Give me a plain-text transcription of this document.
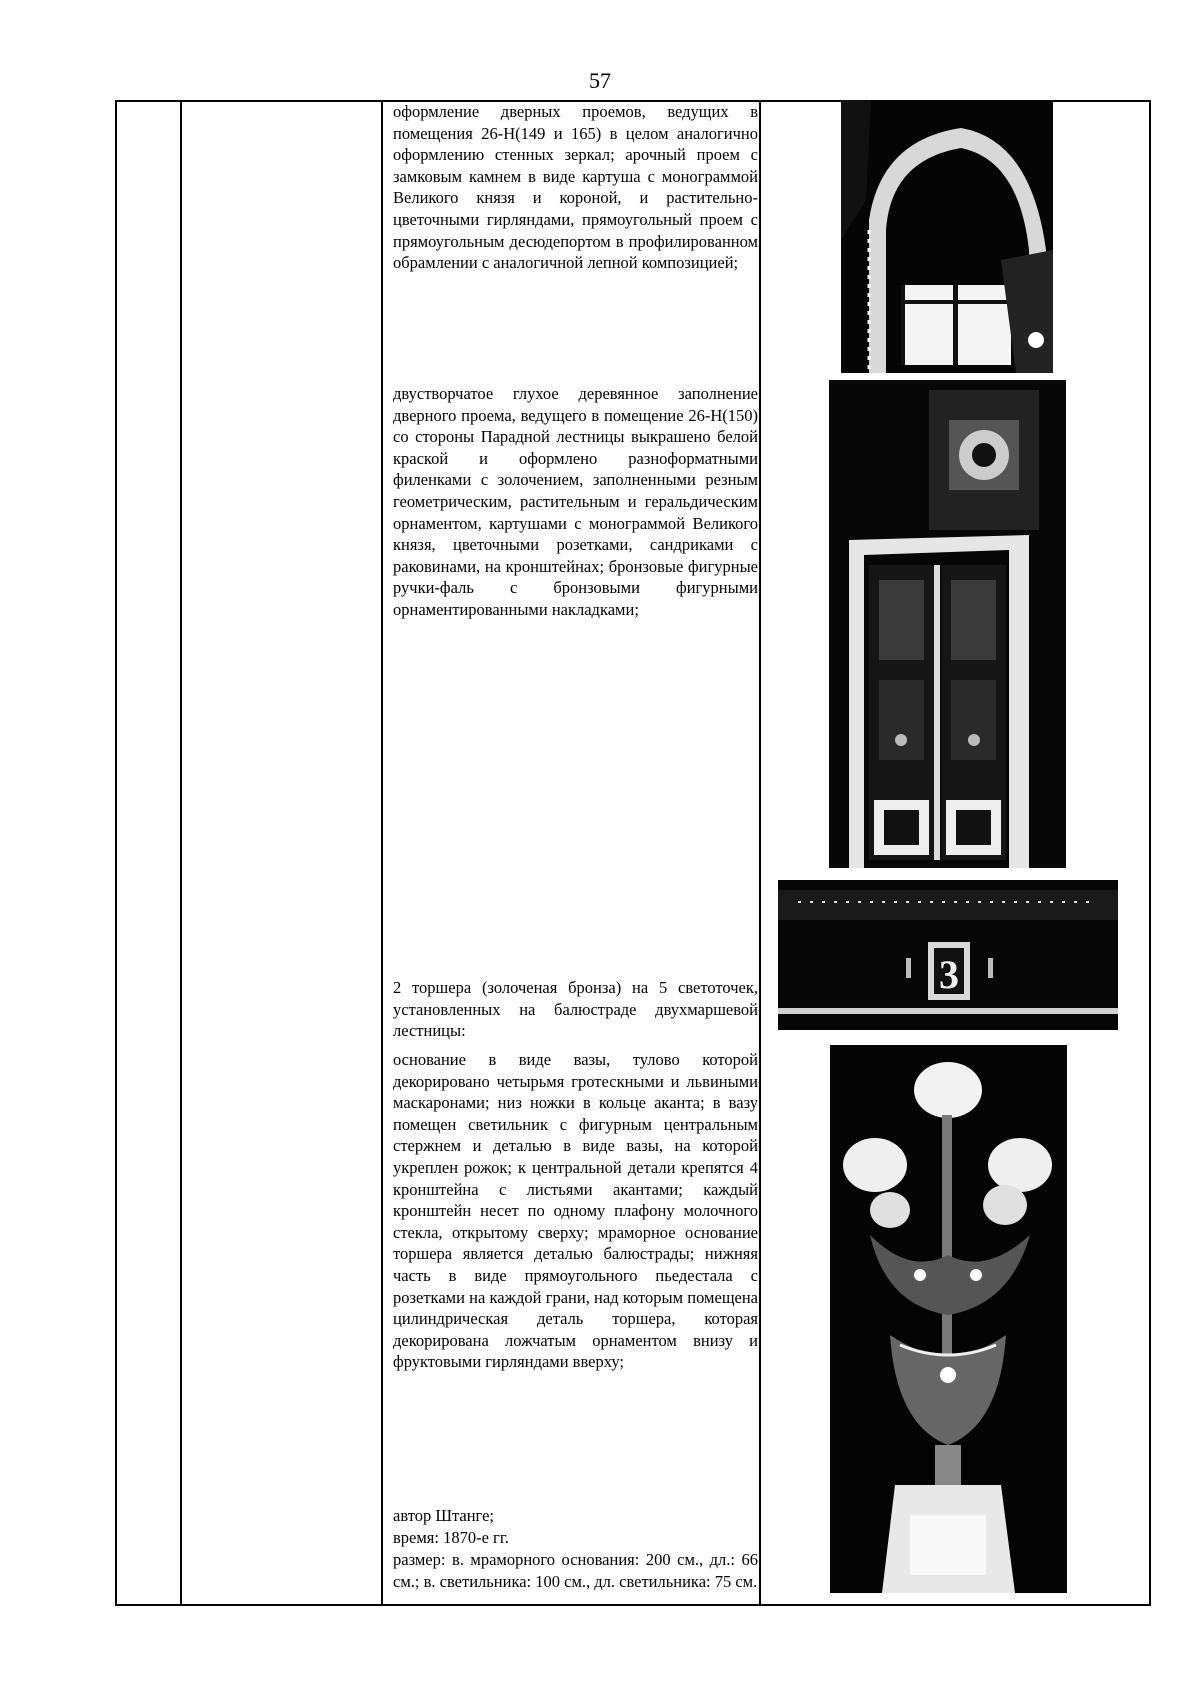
57
оформление дверных проемов, ведущих в помещения 26-Н(149 и 165) в целом аналогично оформлению стенных зеркал; арочный проем с замковым камнем в виде картуша с монограммой Великого князя и короной, и растительно-цветочными гирляндами, прямоугольный проем с прямоугольным десюдепортом в профилированном обрамлении с аналогичной лепной композицией;
двустворчатое глухое деревянное заполнение дверного проема, ведущего в помещение 26-Н(150) со стороны Парадной лестницы выкрашено белой краской и оформлено разноформатными филенками с золочением, заполненными резным геометрическим, растительным и геральдическим орнаментом, картушами с монограммой Великого князя, цветочными розетками, сандриками с раковинами, на кронштейнах; бронзовые фигурные ручки-фаль с бронзовыми фигурными орнаментированными накладками;
2 торшера (золоченая бронза) на 5 светоточек, установленных на балюстраде двухмаршевой лестницы:
основание в виде вазы, тулово которой декорировано четырьмя гротескными и львиными маскаронами; низ ножки в кольце аканта; в вазу помещен светильник с фигурным центральным стержнем и деталью в виде вазы, на которой укреплен рожок; к центральной детали крепятся 4 кронштейна с листьями акантами; каждый кронштейн несет по одному плафону молочного стекла, открытому сверху; мраморное основание торшера является деталью балюстрады; нижняя часть в виде прямоугольного пьедестала с розетками на каждой грани, над которым помещена цилиндрическая деталь торшера, которая декорирована ложчатым орнаментом внизу и фруктовыми гирляндами вверху;
автор Штанге;
время: 1870-е гг.
размер: в. мраморного основания: 200 см., дл.: 66 см.; в. светильника: 100 см., дл. светильника: 75 см.
3
